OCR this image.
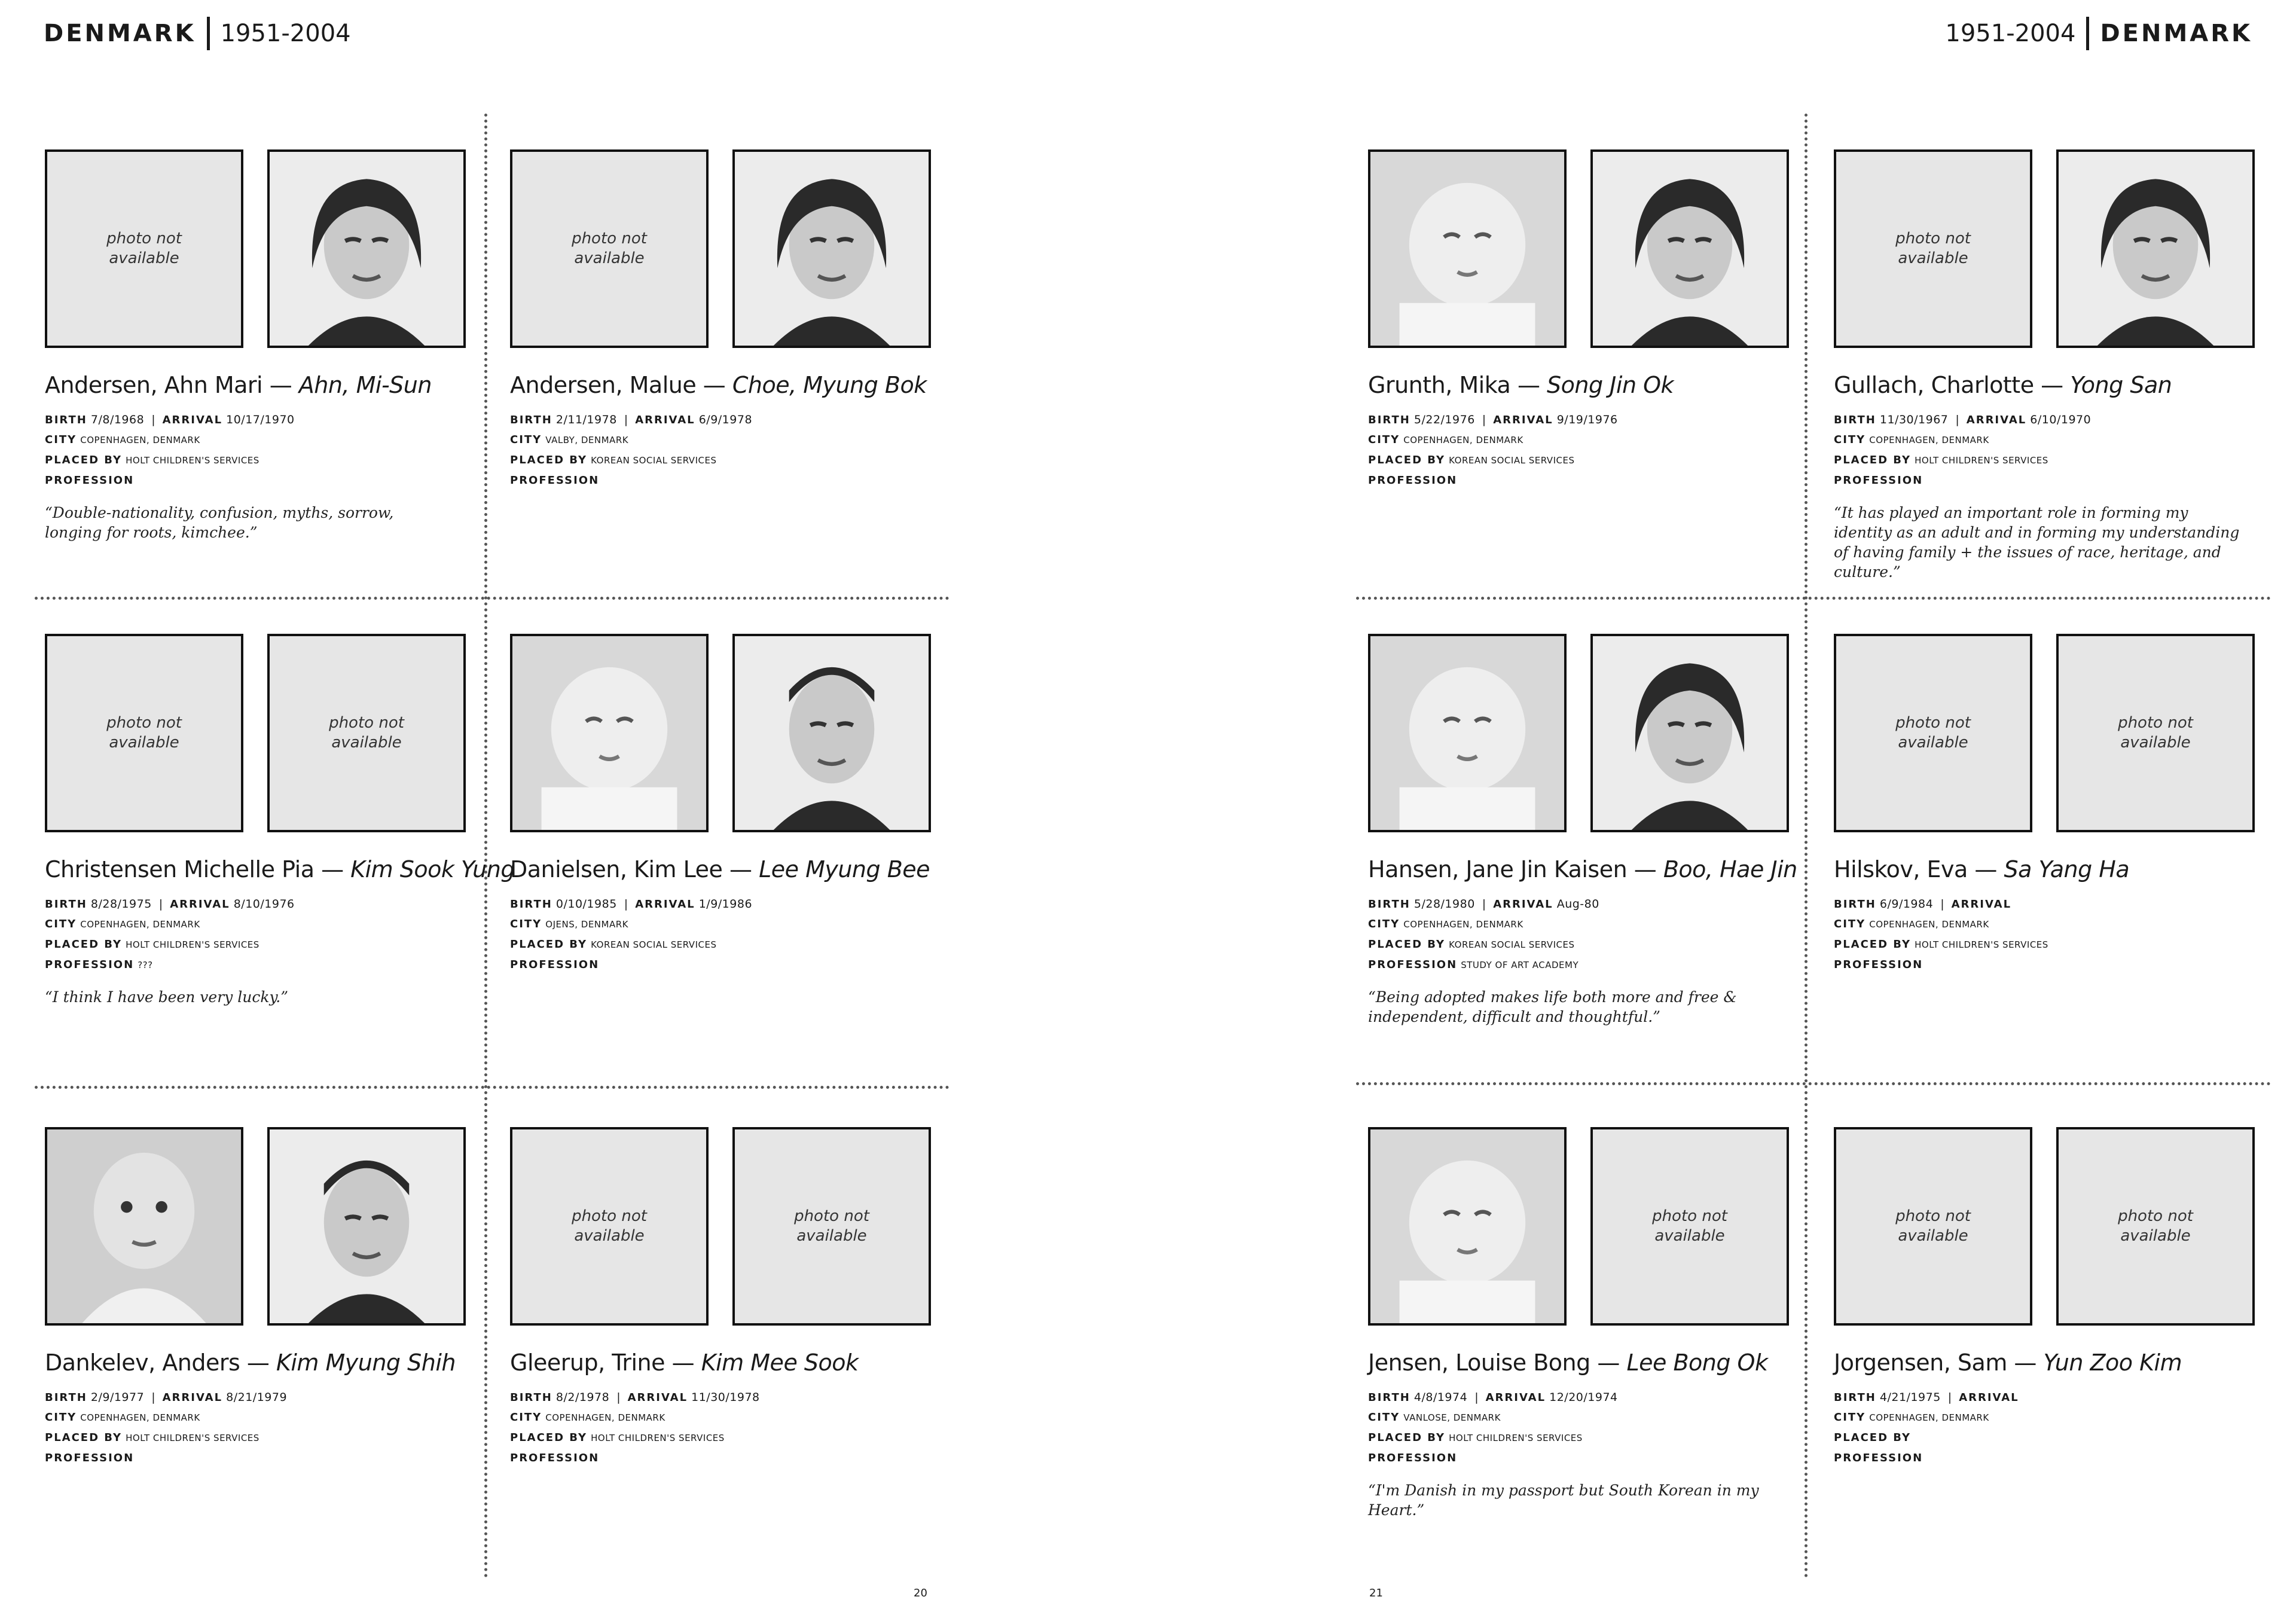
DENMARK 1951-2004	1951-2004 DENMARK
photo not available
Andersen, Ahn Mari — Ahn, Mi-Sun
BIRTH 7/8/1968 | ARRIVAL 10/17/1970
CITY COPENHAGEN, DENMARK
PLACED BY HOLT CHILDREN'S SERVICES
PROFESSION
“Double-nationality, confusion, myths, sorrow, longing for roots, kimchee.”
photo not available
Andersen, Malue — Choe, Myung Bok
BIRTH 2/11/1978 | ARRIVAL 6/9/1978
CITY VALBY, DENMARK
PLACED BY KOREAN SOCIAL SERVICES
PROFESSION
photo not available
photo not available
Christensen Michelle Pia — Kim Sook Yung
BIRTH 8/28/1975 | ARRIVAL 8/10/1976
CITY COPENHAGEN, DENMARK
PLACED BY HOLT CHILDREN'S SERVICES
PROFESSION ???
“I think I have been very lucky.”
Danielsen, Kim Lee — Lee Myung Bee
BIRTH 0/10/1985 | ARRIVAL 1/9/1986
CITY OJENS, DENMARK
PLACED BY KOREAN SOCIAL SERVICES
PROFESSION
Dankelev, Anders — Kim Myung Shih
BIRTH 2/9/1977 | ARRIVAL 8/21/1979
CITY COPENHAGEN, DENMARK
PLACED BY HOLT CHILDREN'S SERVICES
PROFESSION
photo not available
photo not available
Gleerup, Trine — Kim Mee Sook
BIRTH 8/2/1978 | ARRIVAL 11/30/1978
CITY COPENHAGEN, DENMARK
PLACED BY HOLT CHILDREN'S SERVICES
PROFESSION
Grunth, Mika — Song Jin Ok
BIRTH 5/22/1976 | ARRIVAL 9/19/1976
CITY COPENHAGEN, DENMARK
PLACED BY KOREAN SOCIAL SERVICES
PROFESSION
photo not available
Gullach, Charlotte — Yong San
BIRTH 11/30/1967 | ARRIVAL 6/10/1970
CITY COPENHAGEN, DENMARK
PLACED BY HOLT CHILDREN'S SERVICES
PROFESSION
“It has played an important role in forming my identity as an adult and in forming my understanding of having family + the issues of race, heritage, and culture.”
Hansen, Jane Jin Kaisen — Boo, Hae Jin
BIRTH 5/28/1980 | ARRIVAL Aug-80
CITY COPENHAGEN, DENMARK
PLACED BY KOREAN SOCIAL SERVICES
PROFESSION STUDY OF ART ACADEMY
“Being adopted makes life both more and free & independent, difficult and thoughtful.”
photo not available
photo not available
Hilskov, Eva — Sa Yang Ha
BIRTH 6/9/1984 | ARRIVAL
CITY COPENHAGEN, DENMARK
PLACED BY HOLT CHILDREN'S SERVICES
PROFESSION
photo not available
Jensen, Louise Bong — Lee Bong Ok
BIRTH 4/8/1974 | ARRIVAL 12/20/1974
CITY VANLOSE, DENMARK
PLACED BY HOLT CHILDREN'S SERVICES
PROFESSION
“I'm Danish in my passport but South Korean in my Heart.”
photo not available
photo not available
Jorgensen, Sam — Yun Zoo Kim
BIRTH 4/21/1975 | ARRIVAL
CITY COPENHAGEN, DENMARK
PLACED BY
PROFESSION
20	21
